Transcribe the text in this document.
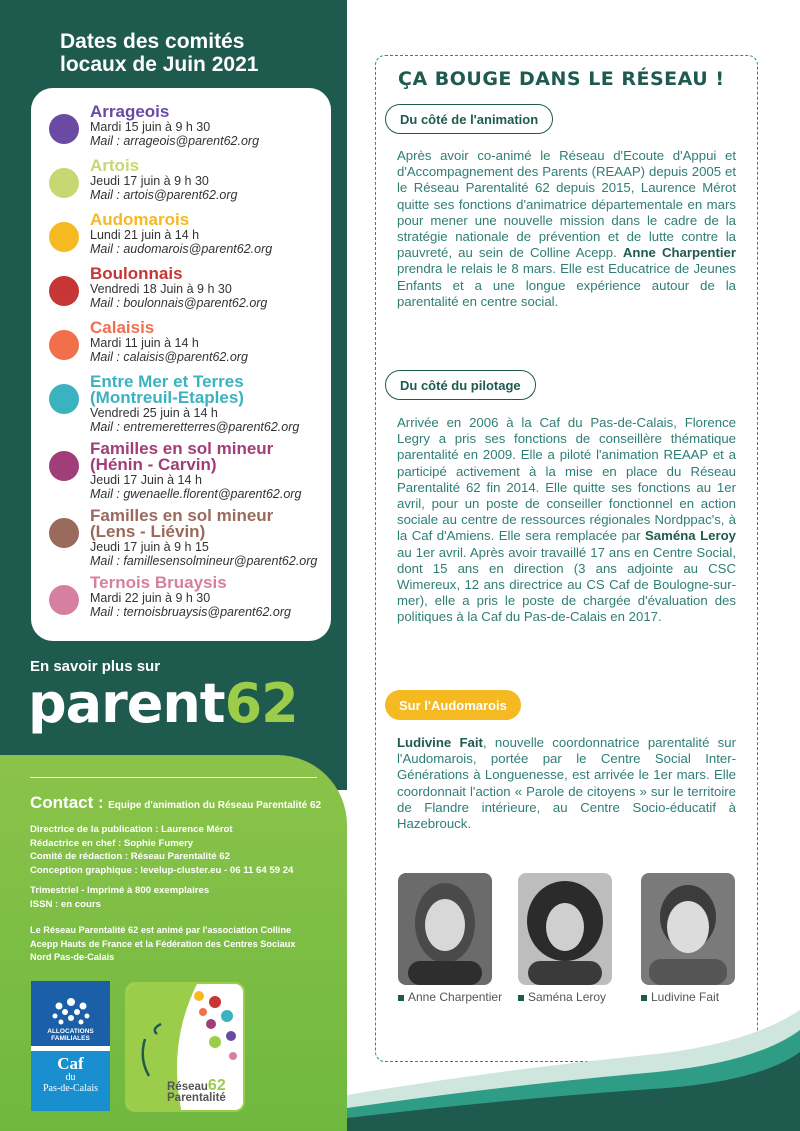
Dates des comités
locaux de Juin 2021
Arrageois
Mardi 15 juin à 9 h 30
Mail : arrageois@parent62.org
Artois
Jeudi 17 juin à 9 h 30
Mail : artois@parent62.org
Audomarois
Lundi 21 juin à 14 h
Mail : audomarois@parent62.org
Boulonnais
Vendredi 18 Juin à 9 h 30
Mail : boulonnais@parent62.org
Calaisis
Mardi 11 juin à 14 h
Mail : calaisis@parent62.org
Entre Mer et Terres
(Montreuil-Etaples)
Vendredi 25 juin à 14 h
Mail : entremeretterres@parent62.org
Familles en sol mineur
(Hénin - Carvin)
Jeudi 17 Juin à 14 h
Mail : gwenaelle.florent@parent62.org
Familles en sol mineur
(Lens - Liévin)
Jeudi 17 juin à 9 h 15
Mail : famillesensolmineur@parent62.org
Ternois Bruaysis
Mardi 22 juin à 9 h 30
Mail : ternoisbruaysis@parent62.org
En savoir plus sur
parent62
Contact : Equipe d'animation du Réseau Parentalité 62
Directrice de la publication : Laurence Mérot
Rédactrice en chef : Sophie Fumery
Comité de rédaction : Réseau Parentalité 62
Conception graphique : levelup-cluster.eu - 06 11 64 59 24
Trimestriel - Imprimé à 800 exemplaires
ISSN : en cours
Le Réseau Parentalité 62 est animé par l'association Colline
Acepp Hauts de France et la Fédération des Centres Sociaux
Nord Pas-de-Calais
ALLOCATIONS
FAMILIALES
Caf
du
Pas-de-Calais	Réseau62
Parentalité
ÇA BOUGE DANS LE RÉSEAU !
Du côté de l'animation
Après avoir co-animé le Réseau d'Ecoute d'Appui et d'Accompagnement des Parents (REAAP) depuis 2005 et le Réseau Parentalité 62 depuis 2015, Laurence Mérot quitte ses fonctions d'animatrice départementale en mars pour mener une nouvelle mission dans le cadre de la stratégie nationale de prévention et de lutte contre la pauvreté, au sein de Colline Acepp. Anne Charpentier prendra le relais le 8 mars. Elle est Educatrice de Jeunes Enfants et a une longue expérience autour de la parentalité en centre social.
Du côté du pilotage
Arrivée en 2006 à la Caf du Pas-de-Calais, Florence Legry a pris ses fonctions de conseillère thématique parentalité en 2009. Elle a piloté l'animation REAAP et a participé activement à la mise en place du Réseau Parentalité 62 fin 2014. Elle quitte ses fonctions au 1er avril, pour un poste de conseiller fonctionnel en action sociale au centre de ressources régionales Nordppac's, à la Caf d'Amiens. Elle sera remplacée par Saména Leroy au 1er avril. Après avoir travaillé 17 ans en Centre Social, dont 15 ans en direction (3 ans adjointe au CSC Wimereux, 12 ans directrice au CS Caf de Boulogne-sur-mer), elle a pris le poste de chargée d'évaluation des politiques à la Caf du Pas-de-Calais en 2017.
Sur l'Audomarois
Ludivine Fait, nouvelle coordonnatrice parentalité sur l'Audomarois, portée par le Centre Social Inter-Générations à Longuenesse, est arrivée le 1er mars. Elle coordonnait l'action « Parole de citoyens » sur le territoire de Flandre intérieure, au Centre Socio-éducatif à Hazebrouck.
Anne Charpentier	Saména Leroy	Ludivine Fait
